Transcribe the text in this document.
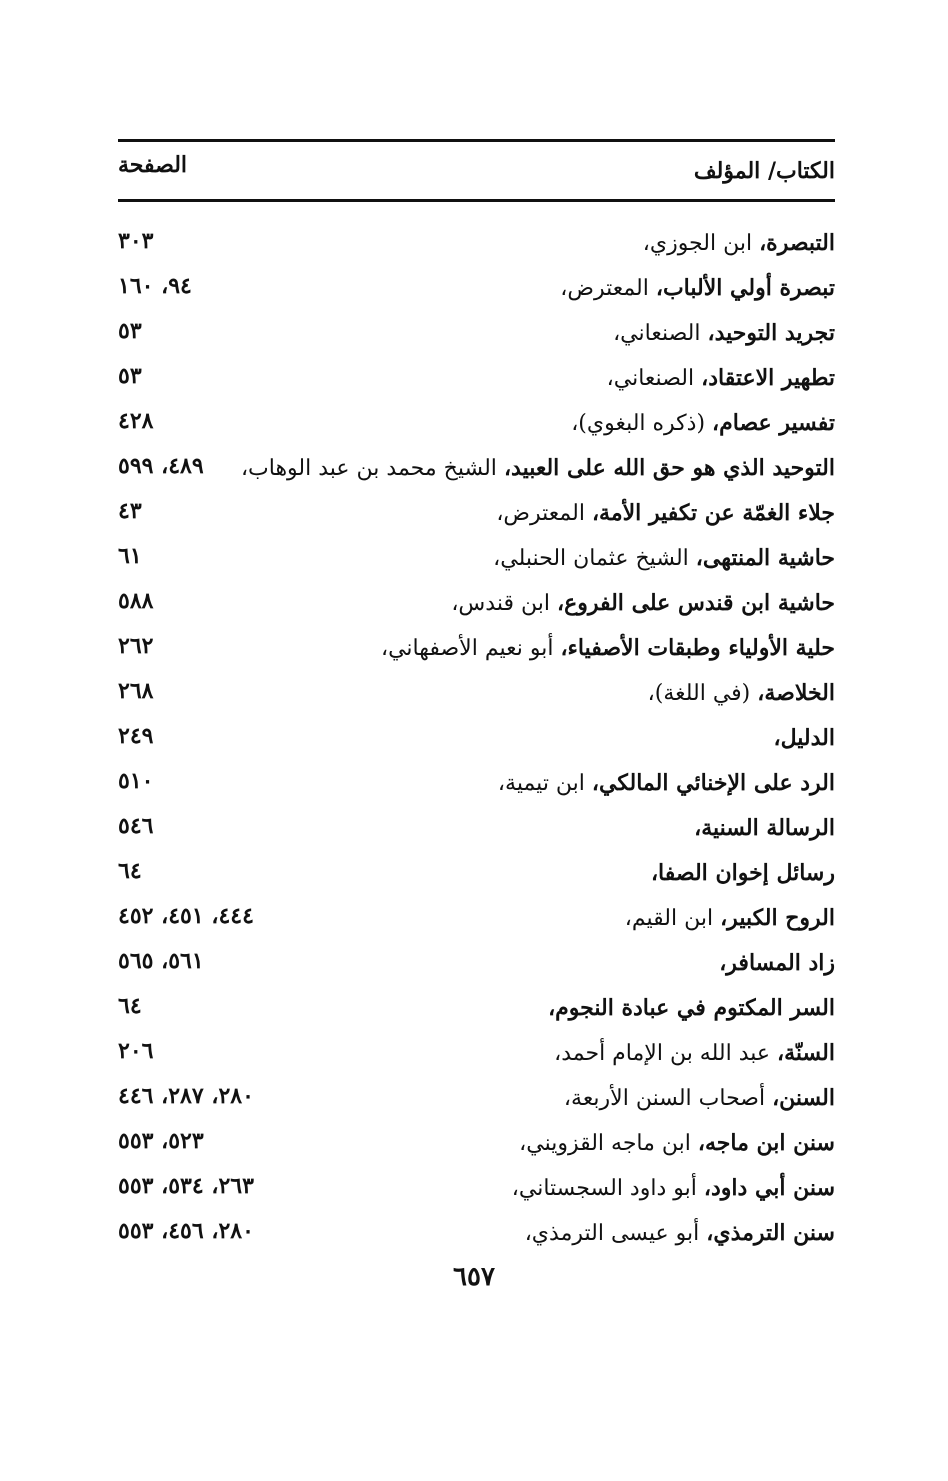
الكتاب/ المؤلف
الصفحة
التبصرة، ابن الجوزي،
٣٠٣
تبصرة أولي الألباب، المعترض،
٩٤، ١٦٠
تجريد التوحيد، الصنعاني،
٥٣
تطهير الاعتقاد، الصنعاني،
٥٣
تفسير عصام، (ذكره البغوي)،
٤٢٨
التوحيد الذي هو حق الله على العبيد، الشيخ محمد بن عبد الوهاب،
٤٨٩، ٥٩٩
جلاء الغمّة عن تكفير الأمة، المعترض،
٤٣
حاشية المنتهى، الشيخ عثمان الحنبلي،
٦١
حاشية ابن قندس على الفروع، ابن قندس،
٥٨٨
حلية الأولياء وطبقات الأصفياء، أبو نعيم الأصفهاني،
٢٦٢
الخلاصة، (في اللغة)،
٢٦٨
الدليل،
٢٤٩
الرد على الإخنائي المالكي، ابن تيمية،
٥١٠
الرسالة السنية،
٥٤٦
رسائل إخوان الصفا،
٦٤
الروح الكبير، ابن القيم،
٤٤٤، ٤٥١، ٤٥٢
زاد المسافر،
٥٦١، ٥٦٥
السر المكتوم في عبادة النجوم،
٦٤
السنّة، عبد الله بن الإمام أحمد،
٢٠٦
السنن، أصحاب السنن الأربعة،
٢٨٠، ٢٨٧، ٤٤٦
سنن ابن ماجه، ابن ماجه القزويني،
٥٢٣، ٥٥٣
سنن أبي داود، أبو داود السجستاني،
٢٦٣، ٥٣٤، ٥٥٣
سنن الترمذي، أبو عيسى الترمذي،
٢٨٠، ٤٥٦، ٥٥٣
٦٥٧
